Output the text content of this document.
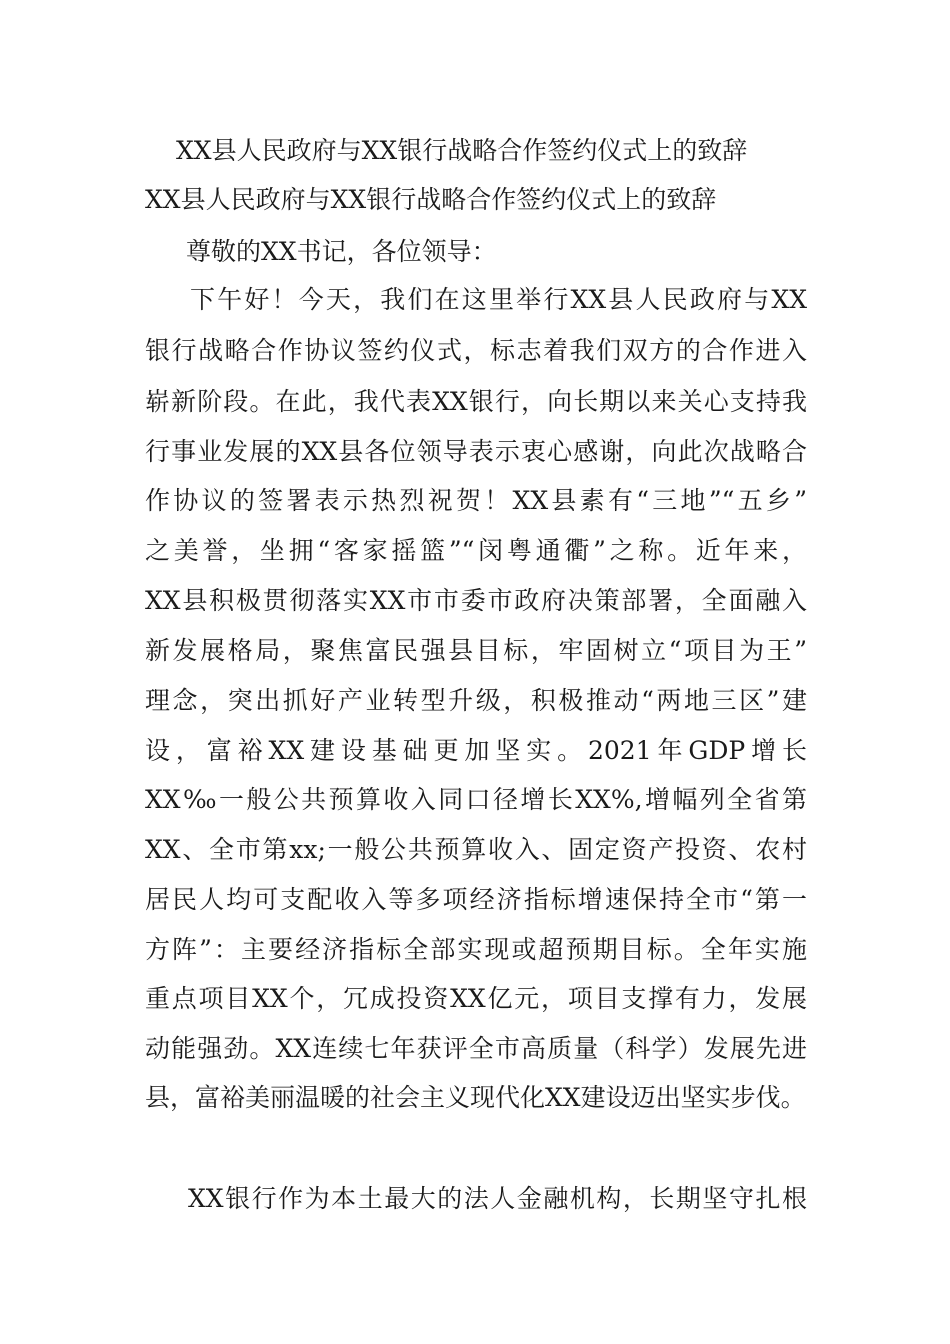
XX县人民政府与XX银行战略合作签约仪式上的致辞
XX县人民政府与XX银行战略合作签约仪式上的致辞
尊敬的XX书记，各位领导：
下午好！今天，我们在这里举行XX县人民政府与XX
银行战略合作协议签约仪式，标志着我们双方的合作进入
崭新阶段。在此，我代表XX银行，向长期以来关心支持我
行事业发展的XX县各位领导表示衷心感谢，向此次战略合
作协议的签署表示热烈祝贺！XX县素有“三地”“五乡”
之美誉，坐拥“客家摇篮”“闵粤通衢”之称。近年来，
XX县积极贯彻落实XX市市委市政府决策部署，全面融入
新发展格局，聚焦富民强县目标，牢固树立“项目为王”
理念，突出抓好产业转型升级，积极推动“两地三区”建
设，富裕XX建设基础更加坚实。2021年GDP增长
XX‰一般公共预算收入同口径增长XX%,增幅列全省第
XX、全市第xx;一般公共预算收入、固定资产投资、农村
居民人均可支配收入等多项经济指标增速保持全市“第一
方阵”：主要经济指标全部实现或超预期目标。全年实施
重点项目XX个，冗成投资XX亿元，项目支撑有力，发展
动能强劲。XX连续七年获评全市高质量（科学）发展先进
县，富裕美丽温暖的社会主义现代化XX建设迈出坚实步伐。
XX银行作为本土最大的法人金融机构，长期坚守扎根
